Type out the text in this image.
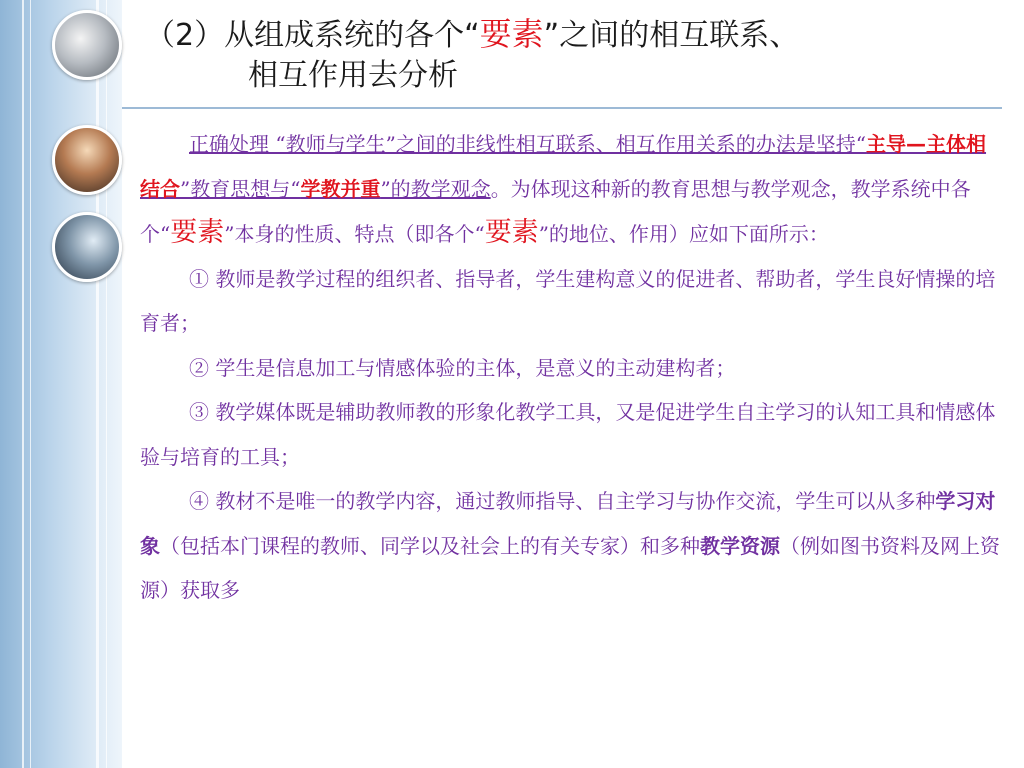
（2）从组成系统的各个“要素”之间的相互联系、
相互作用去分析

正确处理 “教师与学生”之间的非线性相互联系、相互作用关系的办法是坚持“主导—主体相结合”教育思想与“学教并重”的教学观念。为体现这种新的教育思想与教学观念，教学系统中各个“要素”本身的性质、特点（即各个“要素”的地位、作用）应如下面所示：

① 教师是教学过程的组织者、指导者，学生建构意义的促进者、帮助者，学生良好情操的培育者；

② 学生是信息加工与情感体验的主体，是意义的主动建构者；

③ 教学媒体既是辅助教师教的形象化教学工具，又是促进学生自主学习的认知工具和情感体验与培育的工具；

④ 教材不是唯一的教学内容，通过教师指导、自主学习与协作交流，学生可以从多种学习对象（包括本门课程的教师、同学以及社会上的有关专家）和多种教学资源（例如图书资料及网上资源）获取多
